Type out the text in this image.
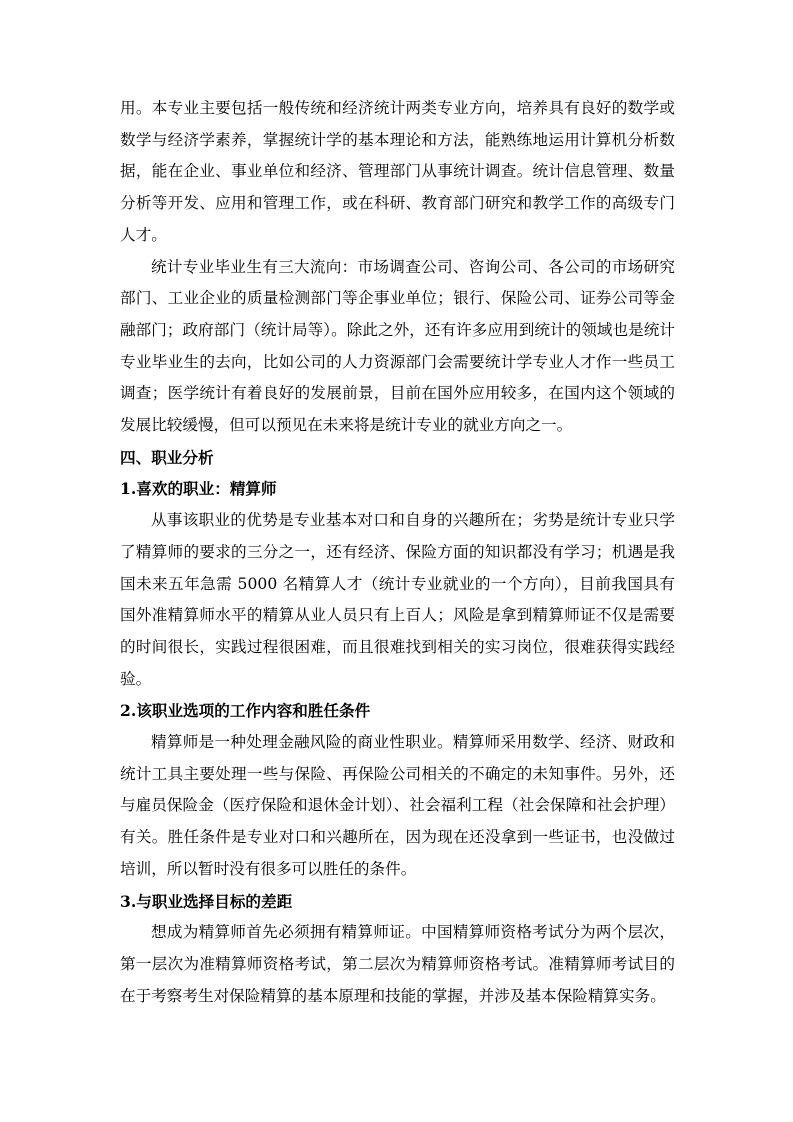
用。本专业主要包括一般传统和经济统计两类专业方向，培养具有良好的数学或数学与经济学素养，掌握统计学的基本理论和方法，能熟练地运用计算机分析数据，能在企业、事业单位和经济、管理部门从事统计调查。统计信息管理、数量分析等开发、应用和管理工作，或在科研、教育部门研究和教学工作的高级专门人才。

统计专业毕业生有三大流向：市场调查公司、咨询公司、各公司的市场研究部门、工业企业的质量检测部门等企事业单位；银行、保险公司、证券公司等金融部门；政府部门（统计局等）。除此之外，还有许多应用到统计的领域也是统计专业毕业生的去向，比如公司的人力资源部门会需要统计学专业人才作一些员工调查；医学统计有着良好的发展前景，目前在国外应用较多，在国内这个领域的发展比较缓慢，但可以预见在未来将是统计专业的就业方向之一。

四、职业分析

1.喜欢的职业：精算师

从事该职业的优势是专业基本对口和自身的兴趣所在；劣势是统计专业只学了精算师的要求的三分之一，还有经济、保险方面的知识都没有学习；机遇是我国未来五年急需 5000 名精算人才（统计专业就业的一个方向），目前我国具有国外准精算师水平的精算从业人员只有上百人；风险是拿到精算师证不仅是需要的时间很长，实践过程很困难，而且很难找到相关的实习岗位，很难获得实践经验。

2.该职业选项的工作内容和胜任条件

精算师是一种处理金融风险的商业性职业。精算师采用数学、经济、财政和统计工具主要处理一些与保险、再保险公司相关的不确定的未知事件。另外，还与雇员保险金（医疗保险和退休金计划）、社会福利工程（社会保障和社会护理）有关。胜任条件是专业对口和兴趣所在，因为现在还没拿到一些证书，也没做过培训，所以暂时没有很多可以胜任的条件。

3.与职业选择目标的差距

想成为精算师首先必须拥有精算师证。中国精算师资格考试分为两个层次，第一层次为准精算师资格考试，第二层次为精算师资格考试。准精算师考试目的在于考察考生对保险精算的基本原理和技能的掌握，并涉及基本保险精算实务。
